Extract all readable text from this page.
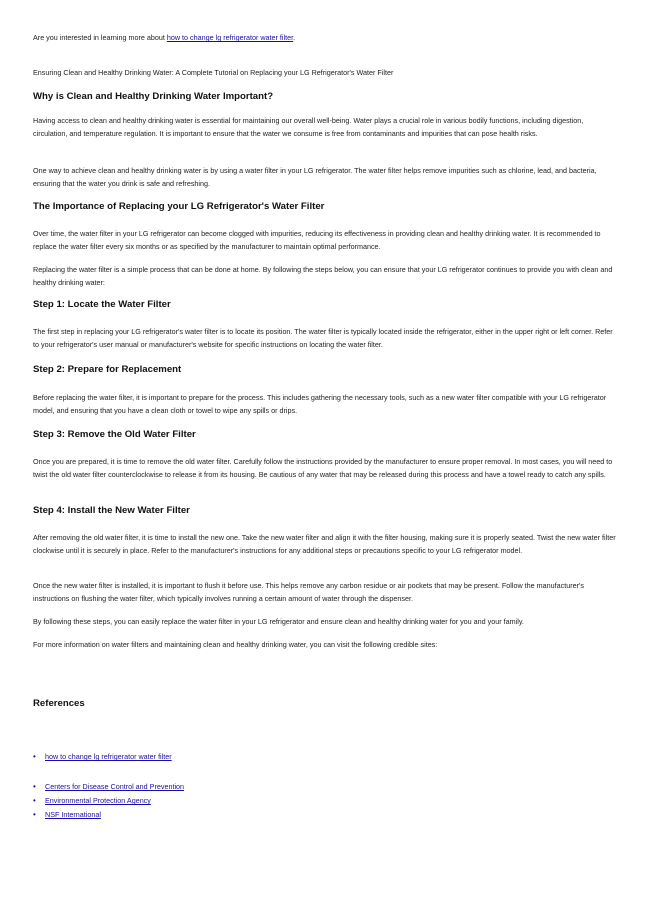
Are you interested in learning more about how to change lg refrigerator water filter.

Ensuring Clean and Healthy Drinking Water: A Complete Tutorial on Replacing your LG Refrigerator's Water Filter

Why is Clean and Healthy Drinking Water Important?

Having access to clean and healthy drinking water is essential for maintaining our overall well-being. Water plays a crucial role in various bodily functions, including digestion, circulation, and temperature regulation. It is important to ensure that the water we consume is free from contaminants and impurities that can pose health risks.

One way to achieve clean and healthy drinking water is by using a water filter in your LG refrigerator. The water filter helps remove impurities such as chlorine, lead, and bacteria, ensuring that the water you drink is safe and refreshing.

The Importance of Replacing your LG Refrigerator's Water Filter

Over time, the water filter in your LG refrigerator can become clogged with impurities, reducing its effectiveness in providing clean and healthy drinking water. It is recommended to replace the water filter every six months or as specified by the manufacturer to maintain optimal performance.

Replacing the water filter is a simple process that can be done at home. By following the steps below, you can ensure that your LG refrigerator continues to provide you with clean and healthy drinking water:

Step 1: Locate the Water Filter

The first step in replacing your LG refrigerator's water filter is to locate its position. The water filter is typically located inside the refrigerator, either in the upper right or left corner. Refer to your refrigerator's user manual or manufacturer's website for specific instructions on locating the water filter.

Step 2: Prepare for Replacement

Before replacing the water filter, it is important to prepare for the process. This includes gathering the necessary tools, such as a new water filter compatible with your LG refrigerator model, and ensuring that you have a clean cloth or towel to wipe any spills or drips.

Step 3: Remove the Old Water Filter

Once you are prepared, it is time to remove the old water filter. Carefully follow the instructions provided by the manufacturer to ensure proper removal. In most cases, you will need to twist the old water filter counterclockwise to release it from its housing. Be cautious of any water that may be released during this process and have a towel ready to catch any spills.

Step 4: Install the New Water Filter

After removing the old water filter, it is time to install the new one. Take the new water filter and align it with the filter housing, making sure it is properly seated. Twist the new water filter clockwise until it is securely in place. Refer to the manufacturer's instructions for any additional steps or precautions specific to your LG refrigerator model.

Once the new water filter is installed, it is important to flush it before use. This helps remove any carbon residue or air pockets that may be present. Follow the manufacturer's instructions on flushing the water filter, which typically involves running a certain amount of water through the dispenser.

By following these steps, you can easily replace the water filter in your LG refrigerator and ensure clean and healthy drinking water for you and your family.

For more information on water filters and maintaining clean and healthy drinking water, you can visit the following credible sites:

References
• how to change lg refrigerator water filter
• Centers for Disease Control and Prevention
• Environmental Protection Agency
• NSF International
